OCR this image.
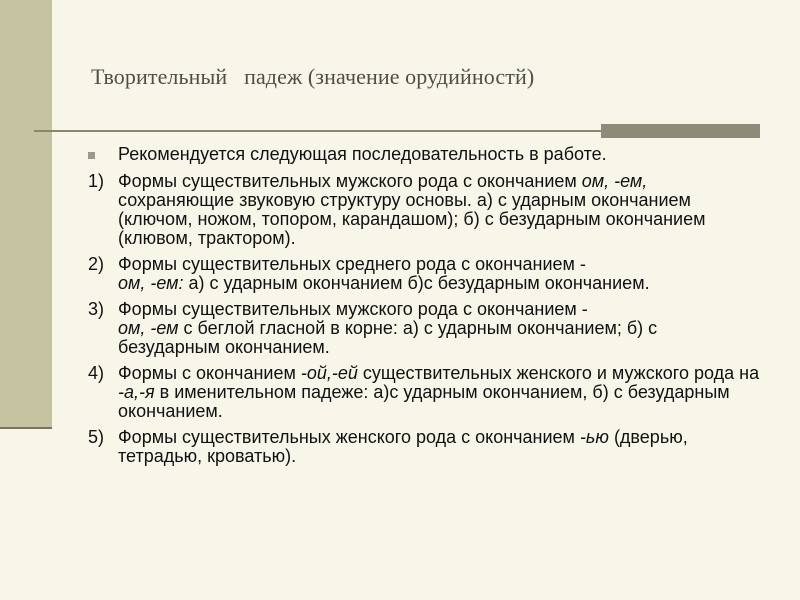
Творительный   падеж (значение орудийностй)
Рекомендуется следующая последовательность в работе.
1) Формы существительных мужского рода с окончанием ом, -ем, сохраняющие звуковую структуру основы. а) с ударным окончанием (ключом, ножом, топором, карандашом); б) с безударным окончанием (клювом, трактором).
2) Формы существительных среднего рода с окончанием -
ом, -ем: а) с ударным окончанием б)с безударным окончанием.
3) Формы существительных мужского рода с окончанием -
ом, -ем с беглой гласной в корне: а) с ударным окончанием; б) с безударным окончанием.
4) Формы с окончанием -ой,-ей существительных женского и мужского рода на -а,-я в именительном падеже: а)с ударным окончанием, б) с безударным окончанием.
5) Формы существительных женского рода с окончанием -ью (дверью, тетрадью, кроватью).
